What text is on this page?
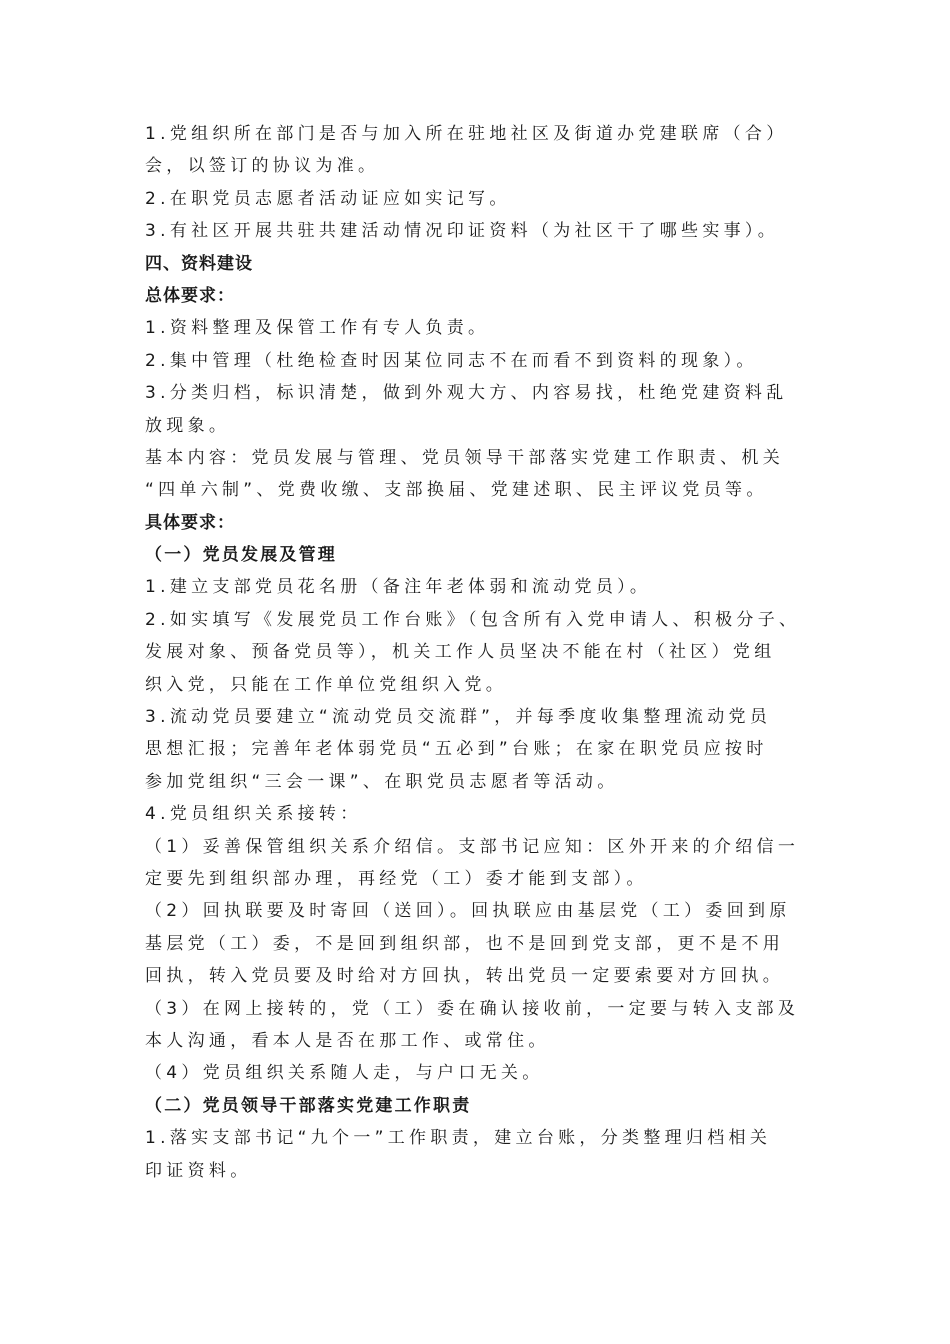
1.党组织所在部门是否与加入所在驻地社区及街道办党建联席（合）
会，以签订的协议为准。
2.在职党员志愿者活动证应如实记写。
3.有社区开展共驻共建活动情况印证资料（为社区干了哪些实事）。
四、资料建设
总体要求：
1.资料整理及保管工作有专人负责。
2.集中管理（杜绝检查时因某位同志不在而看不到资料的现象）。
3.分类归档，标识清楚，做到外观大方、内容易找，杜绝党建资料乱
放现象。
基本内容：党员发展与管理、党员领导干部落实党建工作职责、机关
“四单六制”、党费收缴、支部换届、党建述职、民主评议党员等。
具体要求：
（一）党员发展及管理
1.建立支部党员花名册（备注年老体弱和流动党员）。
2.如实填写《发展党员工作台账》（包含所有入党申请人、积极分子、
发展对象、预备党员等），机关工作人员坚决不能在村（社区）党组
织入党，只能在工作单位党组织入党。
3.流动党员要建立“流动党员交流群”，并每季度收集整理流动党员
思想汇报；完善年老体弱党员“五必到”台账；在家在职党员应按时
参加党组织“三会一课”、在职党员志愿者等活动。
4.党员组织关系接转：
（1）妥善保管组织关系介绍信。支部书记应知：区外开来的介绍信一
定要先到组织部办理，再经党（工）委才能到支部）。
（2）回执联要及时寄回（送回）。回执联应由基层党（工）委回到原
基层党（工）委，不是回到组织部，也不是回到党支部，更不是不用
回执，转入党员要及时给对方回执，转出党员一定要索要对方回执。
（3）在网上接转的，党（工）委在确认接收前，一定要与转入支部及
本人沟通，看本人是否在那工作、或常住。
（4）党员组织关系随人走，与户口无关。
（二）党员领导干部落实党建工作职责
1.落实支部书记“九个一”工作职责，建立台账，分类整理归档相关
印证资料。
